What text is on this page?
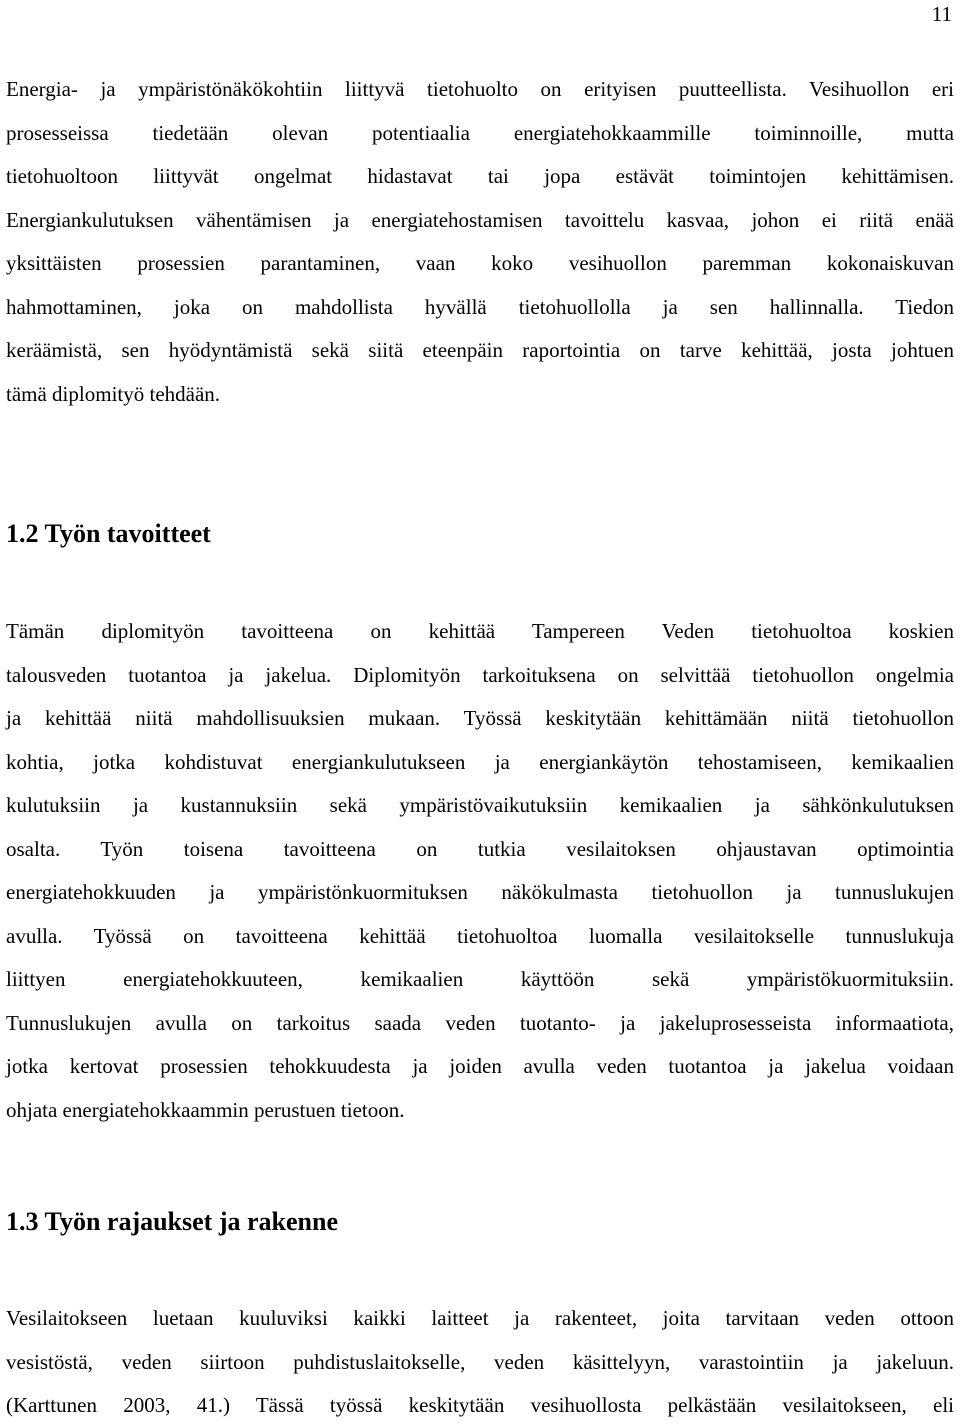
11
Energia- ja ympäristönäkökohtiin liittyvä tietohuolto on erityisen puutteellista. Vesihuollon eri
prosesseissa tiedetään olevan potentiaalia energiatehokkaammille toiminnoille, mutta
tietohuoltoon liittyvät ongelmat hidastavat tai jopa estävät toimintojen kehittämisen.
Energiankulutuksen vähentämisen ja energiatehostamisen tavoittelu kasvaa, johon ei riitä enää
yksittäisten prosessien parantaminen, vaan koko vesihuollon paremman kokonaiskuvan
hahmottaminen, joka on mahdollista hyvällä tietohuollolla ja sen hallinnalla. Tiedon
keräämistä, sen hyödyntämistä sekä siitä eteenpäin raportointia on tarve kehittää, josta johtuen
tämä diplomityö tehdään.
1.2 Työn tavoitteet
Tämän diplomityön tavoitteena on kehittää Tampereen Veden tietohuoltoa koskien
talousveden tuotantoa ja jakelua. Diplomityön tarkoituksena on selvittää tietohuollon ongelmia
ja kehittää niitä mahdollisuuksien mukaan. Työssä keskitytään kehittämään niitä tietohuollon
kohtia, jotka kohdistuvat energiankulutukseen ja energiankäytön tehostamiseen, kemikaalien
kulutuksiin ja kustannuksiin sekä ympäristövaikutuksiin kemikaalien ja sähkönkulutuksen
osalta. Työn toisena tavoitteena on tutkia vesilaitoksen ohjaustavan optimointia
energiatehokkuuden ja ympäristönkuormituksen näkökulmasta tietohuollon ja tunnuslukujen
avulla. Työssä on tavoitteena kehittää tietohuoltoa luomalla vesilaitokselle tunnuslukuja
liittyen energiatehokkuuteen, kemikaalien käyttöön sekä ympäristökuormituksiin.
Tunnuslukujen avulla on tarkoitus saada veden tuotanto- ja jakeluprosesseista informaatiota,
jotka kertovat prosessien tehokkuudesta ja joiden avulla veden tuotantoa ja jakelua voidaan
ohjata energiatehokkaammin perustuen tietoon.
1.3 Työn rajaukset ja rakenne
Vesilaitokseen luetaan kuuluviksi kaikki laitteet ja rakenteet, joita tarvitaan veden ottoon
vesistöstä, veden siirtoon puhdistuslaitokselle, veden käsittelyyn, varastointiin ja jakeluun.
(Karttunen 2003, 41.) Tässä työssä keskitytään vesihuollosta pelkästään vesilaitokseen, eli
